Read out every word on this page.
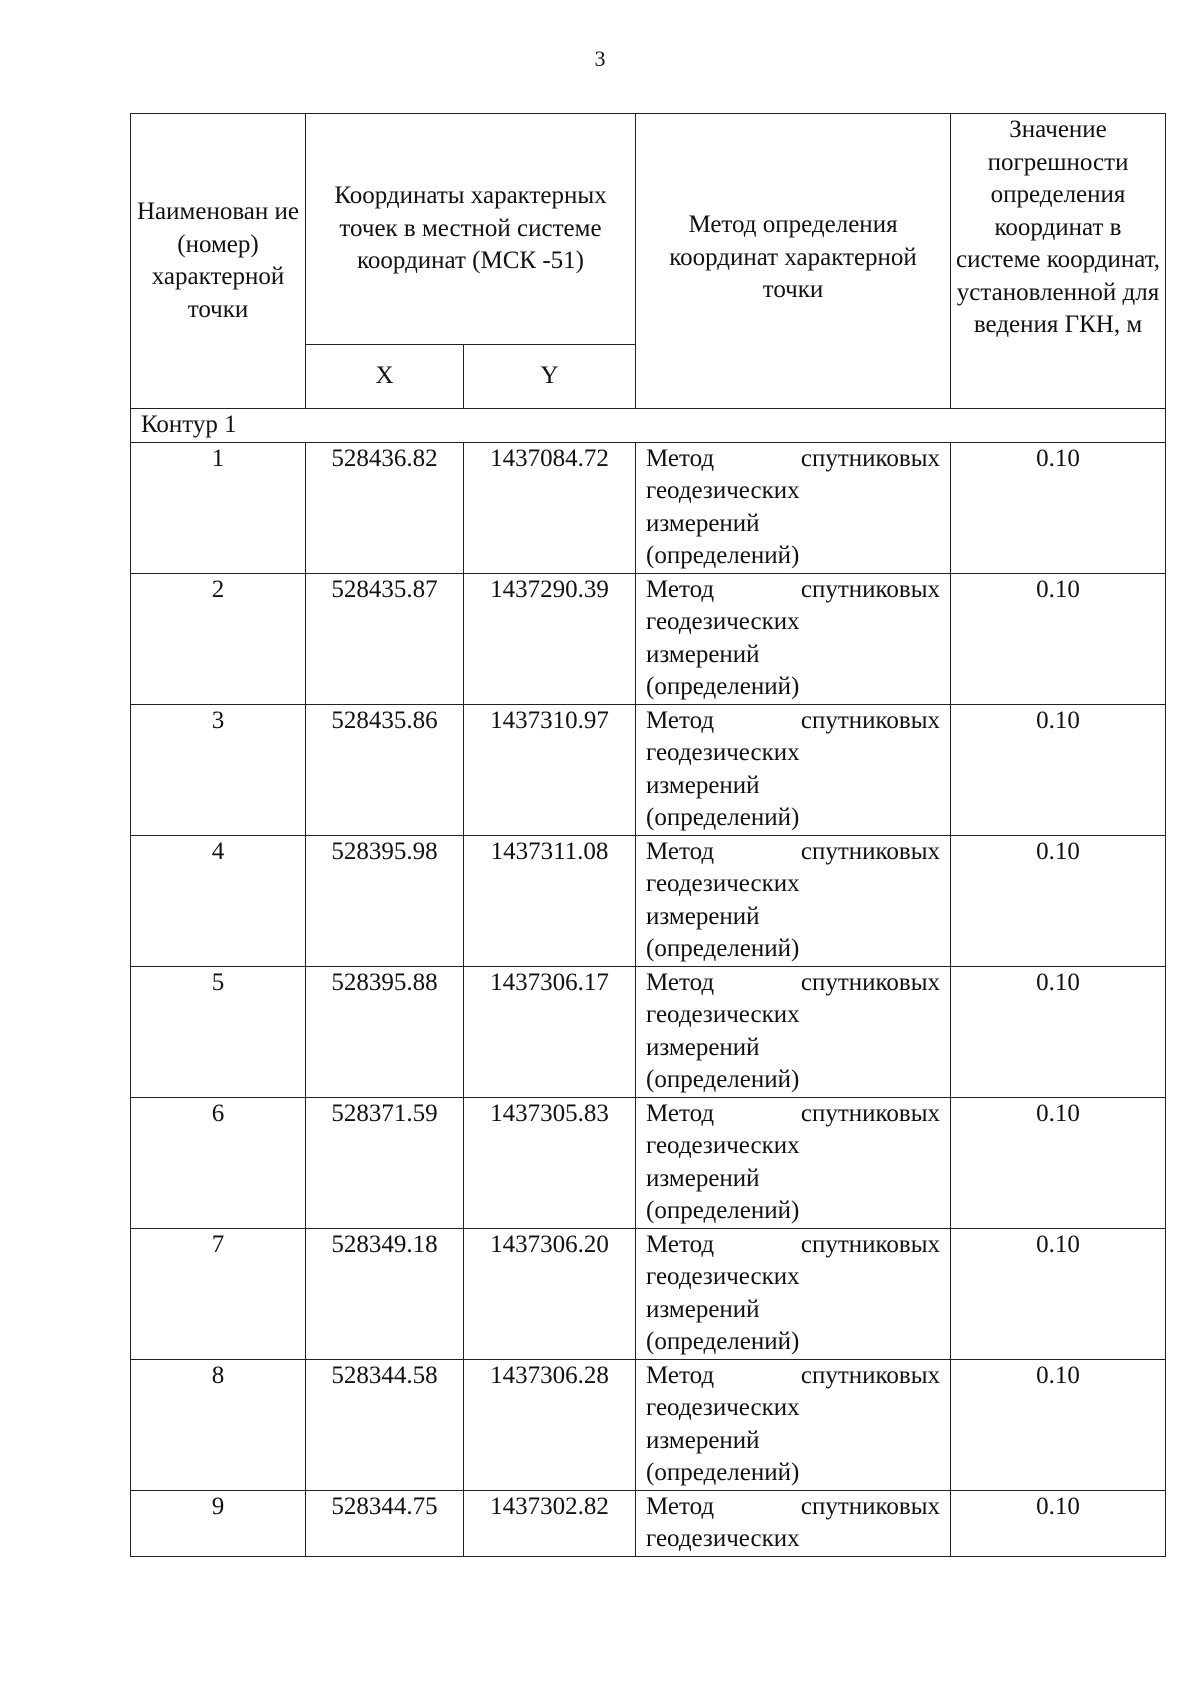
3
Наименован ие (номер) характерной точки	Координаты характерных точек в местной системе координат (МСК -51)		Метод определения координат характерной точки	Значение погрешности определения координат в системе координат, установленной для ведения ГКН, м
	X	Y		
Контур 1				
1	528436.82	1437084.72	Метод спутниковых
геодезических
измерений
(определений)	0.10
2	528435.87	1437290.39	Метод спутниковых
геодезических
измерений
(определений)	0.10
3	528435.86	1437310.97	Метод спутниковых
геодезических
измерений
(определений)	0.10
4	528395.98	1437311.08	Метод спутниковых
геодезических
измерений
(определений)	0.10
5	528395.88	1437306.17	Метод спутниковых
геодезических
измерений
(определений)	0.10
6	528371.59	1437305.83	Метод спутниковых
геодезических
измерений
(определений)	0.10
7	528349.18	1437306.20	Метод спутниковых
геодезических
измерений
(определений)	0.10
8	528344.58	1437306.28	Метод спутниковых
геодезических
измерений
(определений)	0.10
9	528344.75	1437302.82	Метод спутниковых
геодезических	0.10
